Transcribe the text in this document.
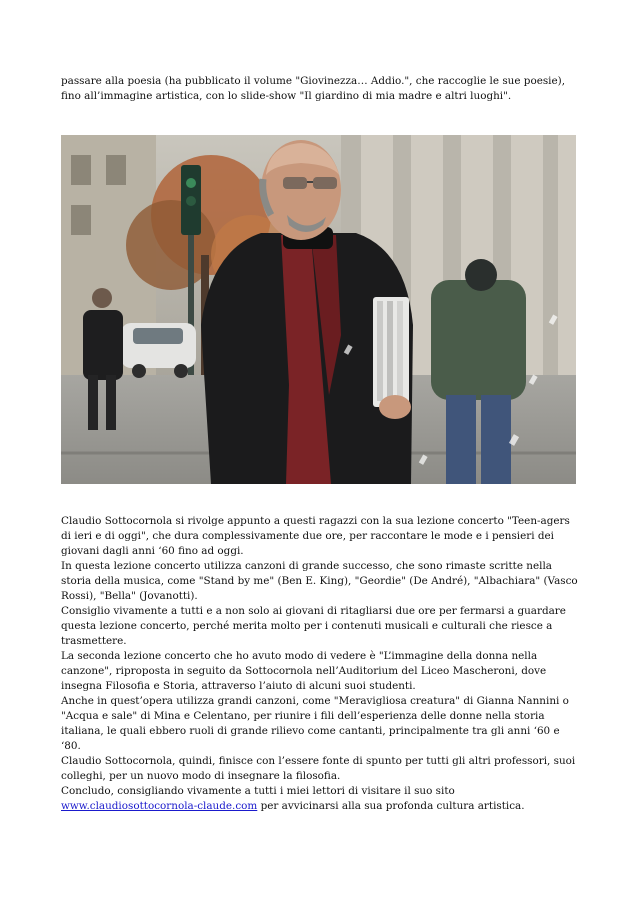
passare alla poesia (ha pubblicato il volume "Giovinezza… Addio.", che raccoglie le sue poesie), fino all’immagine artistica, con lo slide-show "Il giardino di mia madre e altri luoghi".

Claudio Sottocornola si rivolge appunto a questi ragazzi con la sua lezione concerto "Teen-agers di ieri e di oggi", che dura complessivamente due ore, per raccontare le mode e i pensieri dei giovani dagli anni ‘60 fino ad oggi.

In questa lezione concerto utilizza canzoni di grande successo, che sono rimaste scritte nella storia della musica, come "Stand by me" (Ben E. King), "Geordie" (De André), "Albachiara" (Vasco Rossi), "Bella" (Jovanotti).

Consiglio vivamente a tutti e a non solo ai giovani di ritagliarsi due ore per fermarsi a guardare questa lezione concerto, perché merita molto per i contenuti musicali e culturali che riesce a trasmettere.

La seconda lezione concerto che ho avuto modo di vedere è "L’immagine della donna nella canzone", riproposta in seguito da Sottocornola nell’Auditorium del Liceo Mascheroni, dove insegna Filosofia e Storia, attraverso l’aiuto di alcuni suoi studenti.

Anche in quest’opera utilizza grandi canzoni, come "Meravigliosa creatura" di Gianna Nannini o "Acqua e sale" di Mina e Celentano, per riunire i fili dell’esperienza delle donne nella storia italiana, le quali ebbero ruoli di grande rilievo come cantanti, principalmente tra gli anni ‘60 e ‘80.

Claudio Sottocornola, quindi, finisce con l’essere fonte di spunto per tutti gli altri professori, suoi colleghi, per un nuovo modo di insegnare la filosofia.

Concludo, consigliando vivamente a tutti i miei lettori di visitare il suo sito
www.claudiosottocornola-claude.com per avvicinarsi alla sua profonda cultura artistica.
